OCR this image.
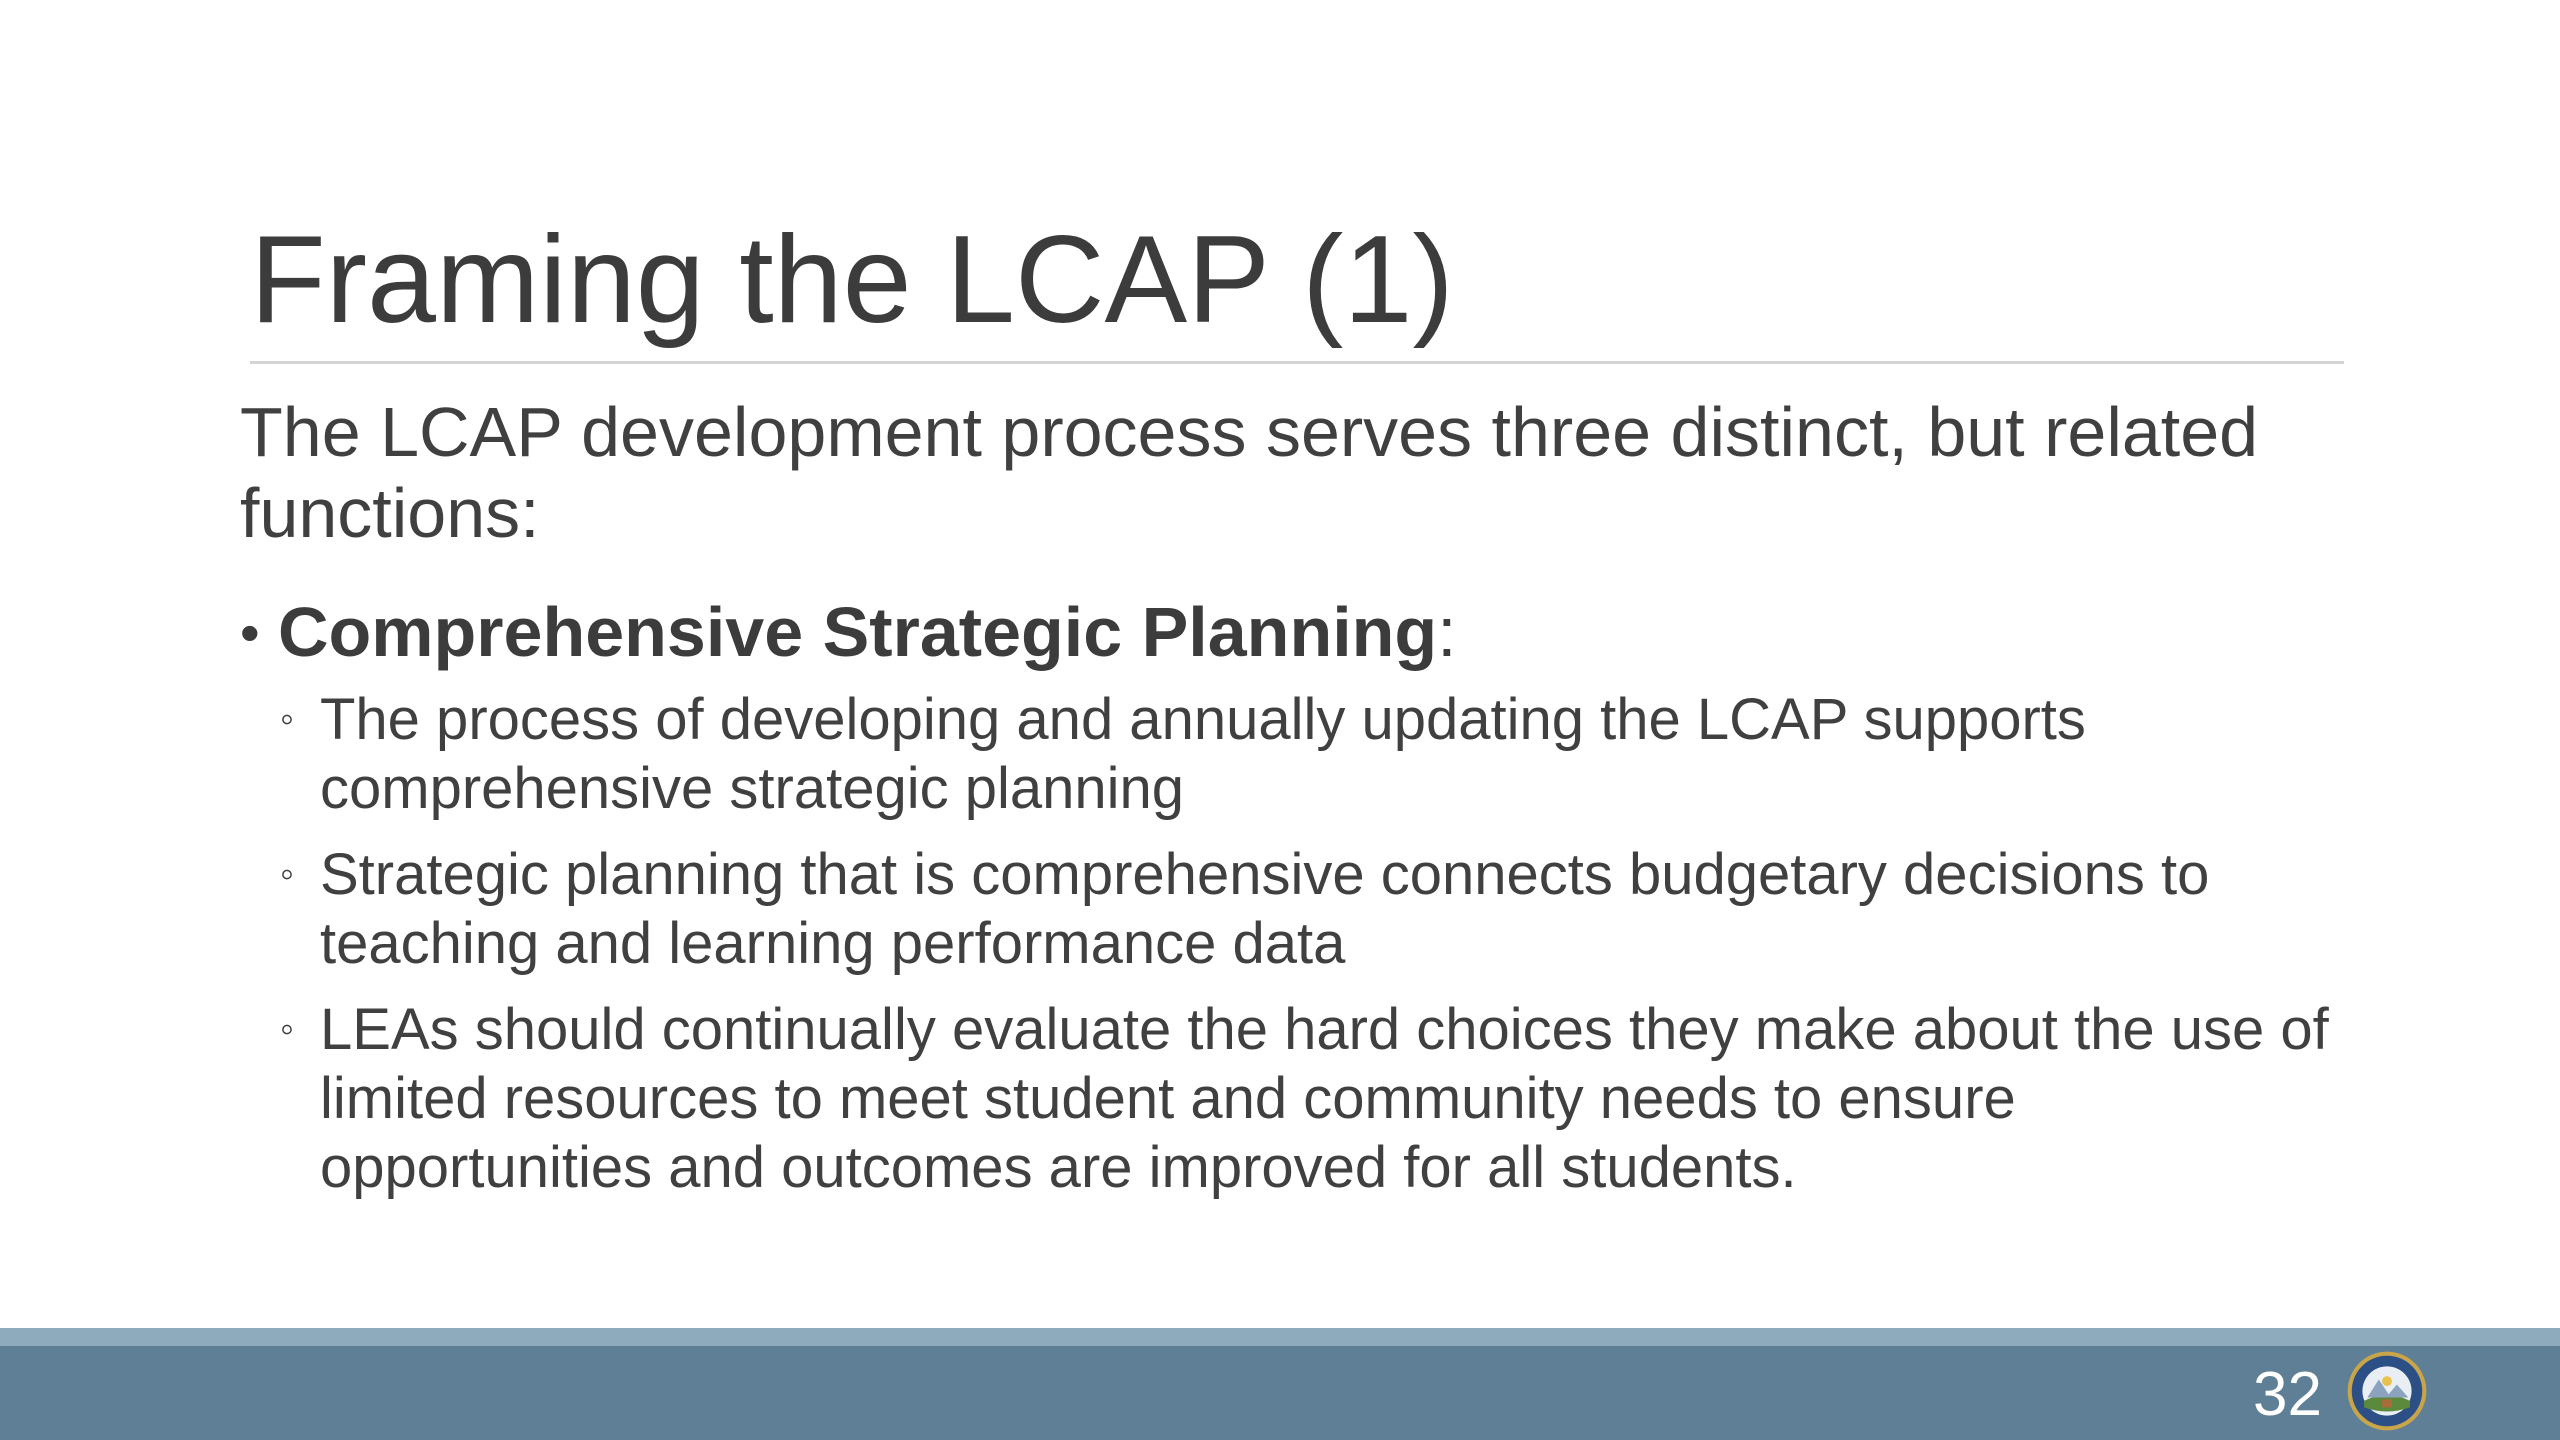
Framing the LCAP (1)

The LCAP development process serves three distinct, but related functions:

• Comprehensive Strategic Planning:
◦ The process of developing and annually updating the LCAP supports comprehensive strategic planning
◦ Strategic planning that is comprehensive connects budgetary decisions to teaching and learning performance data
◦ LEAs should continually evaluate the hard choices they make about the use of limited resources to meet student and community needs to ensure opportunities and outcomes are improved for all students.
32
